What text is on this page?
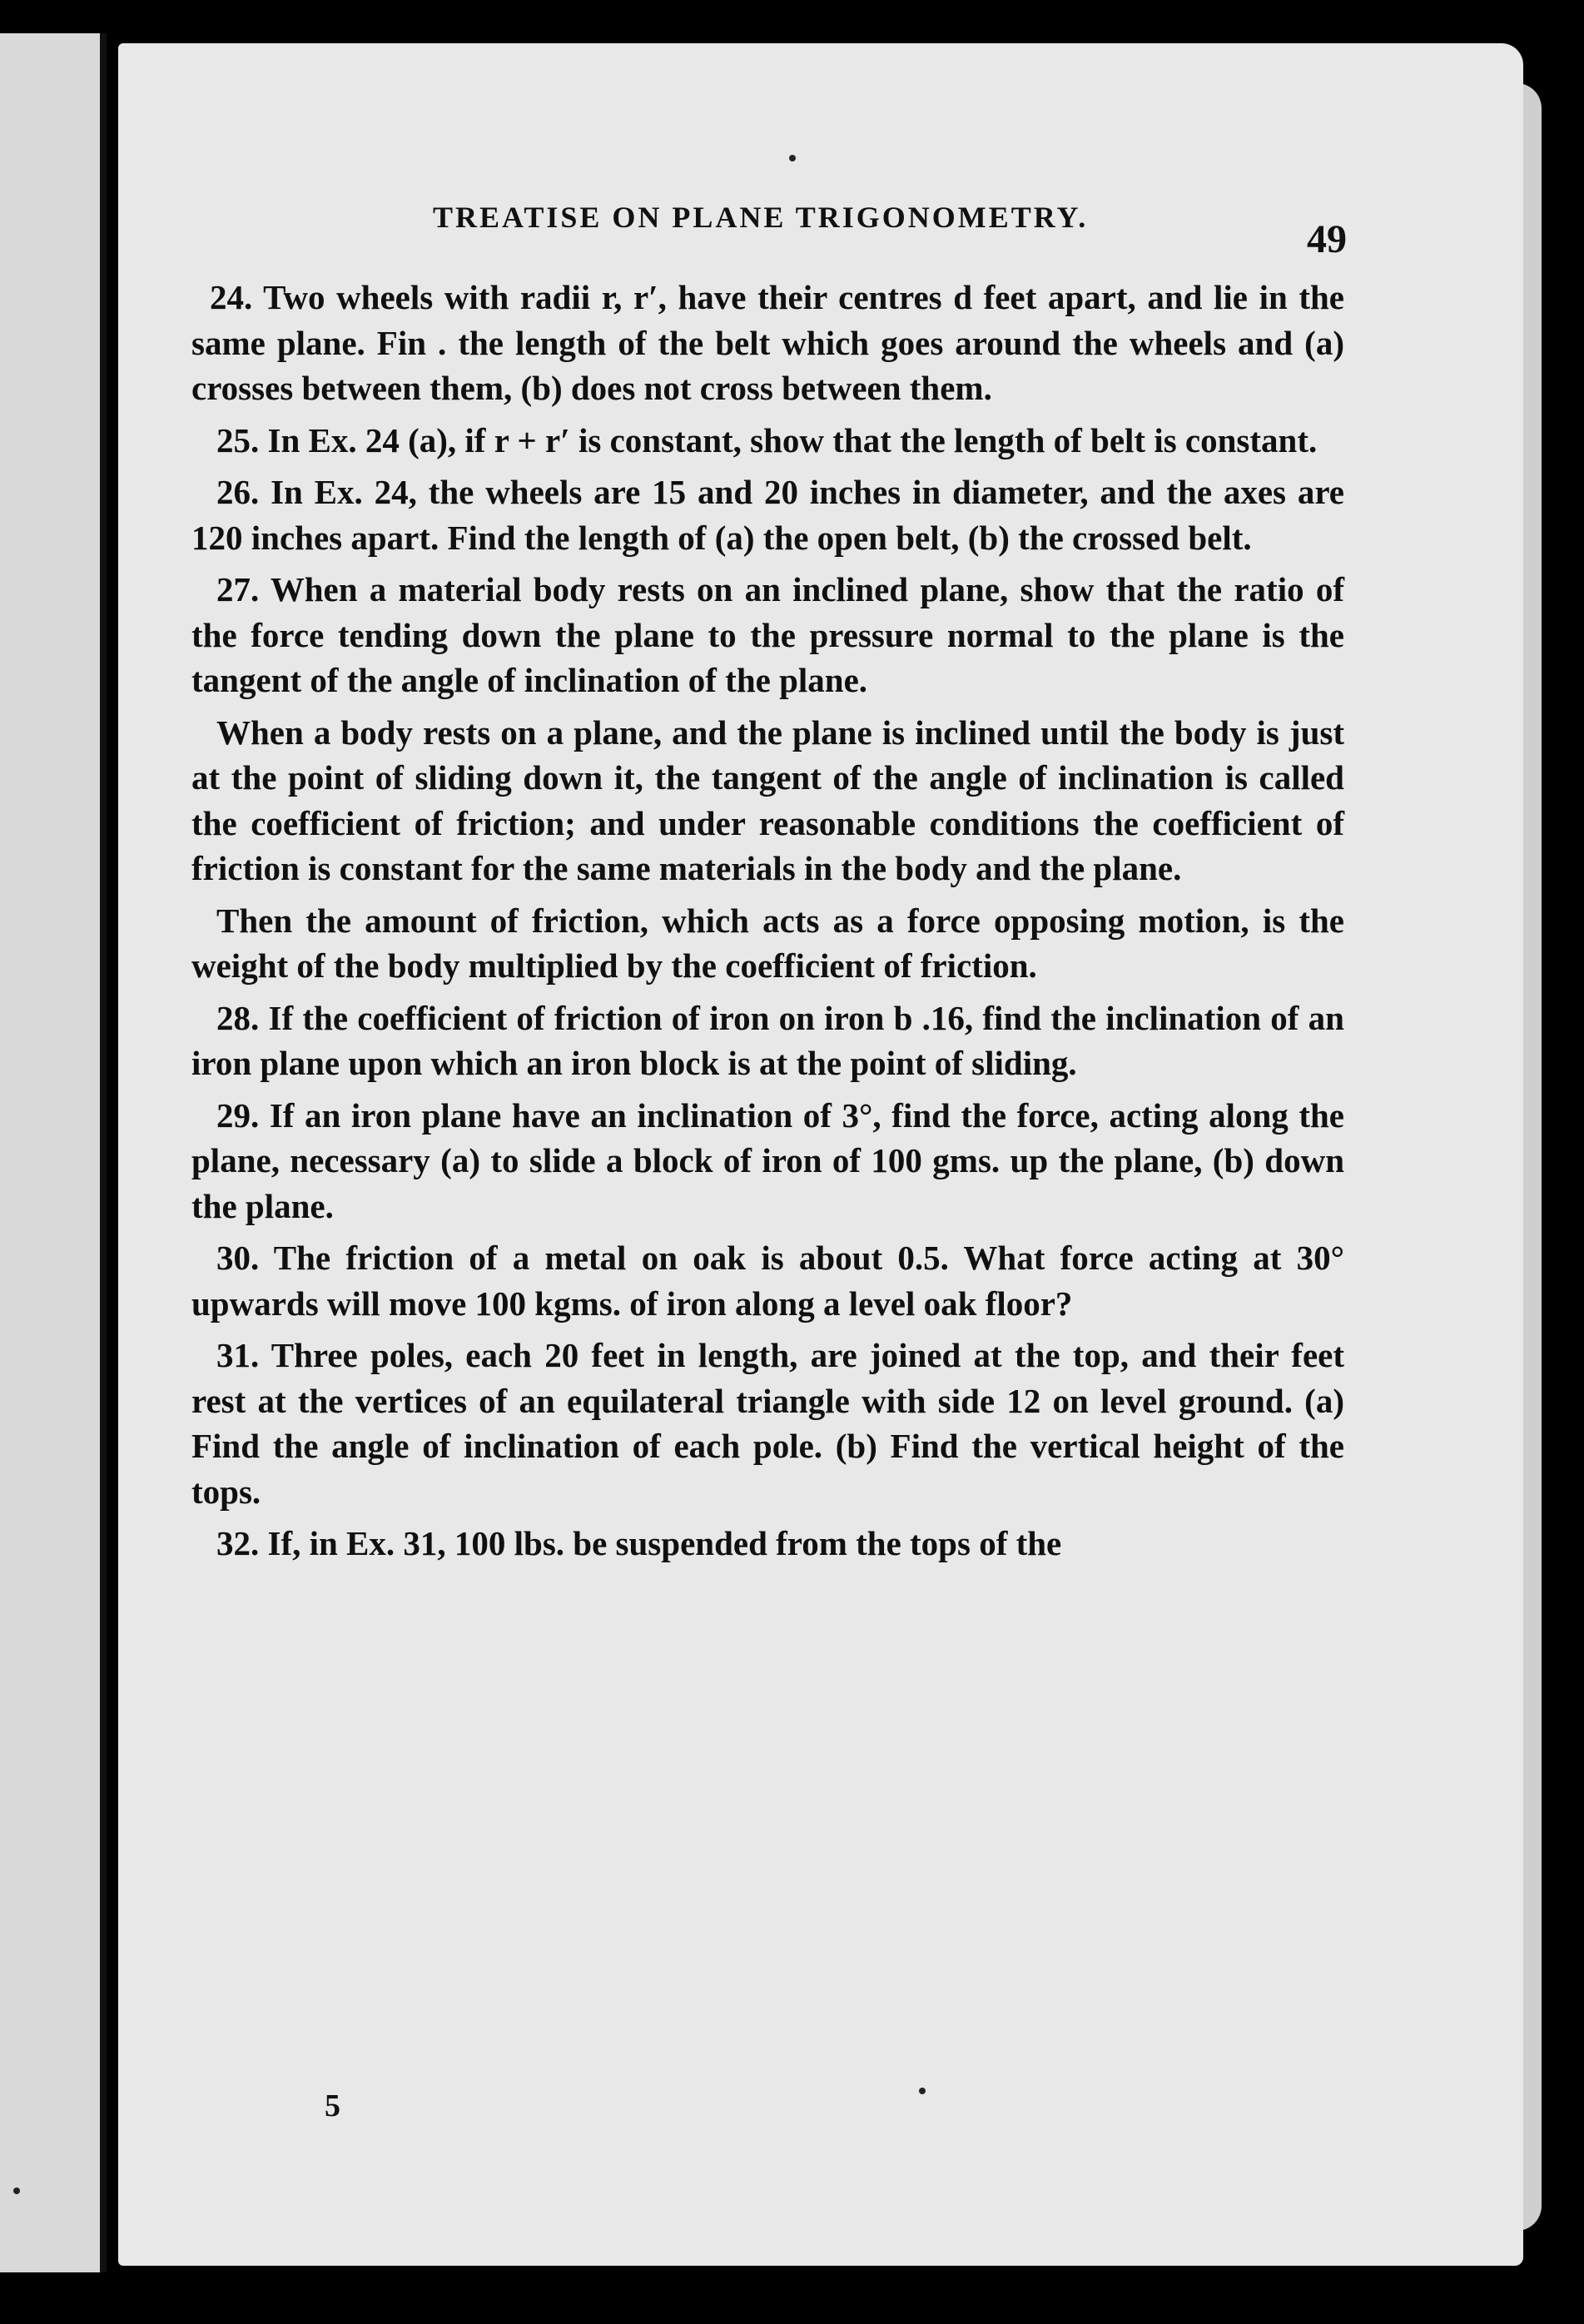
TREATISE ON PLANE TRIGONOMETRY.	49

24. Two wheels with radii r, r′, have their centres d feet apart, and lie in the same plane. Fin . the length of the belt which goes around the wheels and (a) crosses between them, (b) does not cross between them.

25. In Ex. 24 (a), if r + r′ is constant, show that the length of belt is constant.

26. In Ex. 24, the wheels are 15 and 20 inches in diameter, and the axes are 120 inches apart. Find the length of (a) the open belt, (b) the crossed belt.

27. When a material body rests on an inclined plane, show that the ratio of the force tending down the plane to the pressure normal to the plane is the tangent of the angle of inclination of the plane.

When a body rests on a plane, and the plane is inclined until the body is just at the point of sliding down it, the tangent of the angle of inclination is called the coefficient of friction; and under reasonable conditions the coefficient of friction is constant for the same materials in the body and the plane.

Then the amount of friction, which acts as a force opposing motion, is the weight of the body multiplied by the coefficient of friction.

28. If the coefficient of friction of iron on iron b .16, find the inclination of an iron plane upon which an iron block is at the point of sliding.

29. If an iron plane have an inclination of 3°, find the force, acting along the plane, necessary (a) to slide a block of iron of 100 gms. up the plane, (b) down the plane.

30. The friction of a metal on oak is about 0.5. What force acting at 30° upwards will move 100 kgms. of iron along a level oak floor?

31. Three poles, each 20 feet in length, are joined at the top, and their feet rest at the vertices of an equilateral triangle with side 12 on level ground. (a) Find the angle of inclination of each pole. (b) Find the vertical height of the tops.

32. If, in Ex. 31, 100 lbs. be suspended from the tops of the

5
